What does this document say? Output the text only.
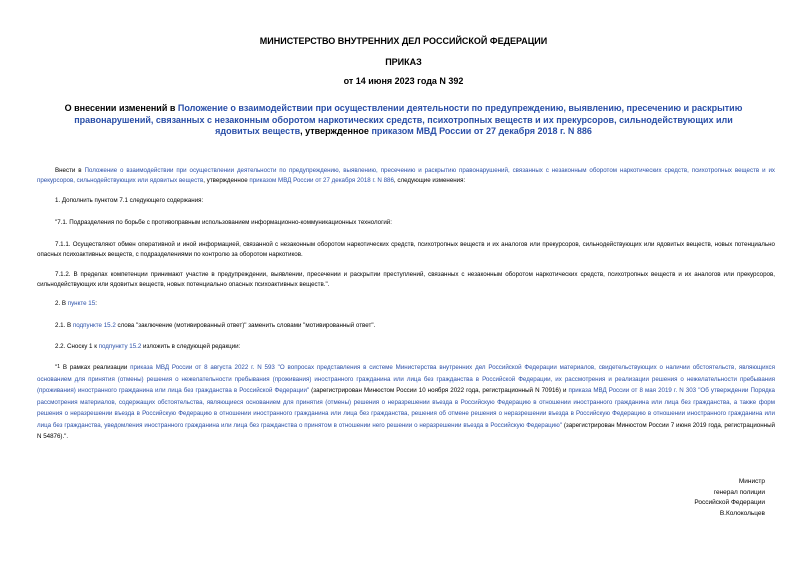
МИНИСТЕРСТВО ВНУТРЕННИХ ДЕЛ РОССИЙСКОЙ ФЕДЕРАЦИИ
ПРИКАЗ
от 14 июня 2023 года N 392
О внесении изменений в Положение о взаимодействии при осуществлении деятельности по предупреждению, выявлению, пресечению и раскрытию правонарушений, связанных с незаконным оборотом наркотических средств, психотропных веществ и их прекурсоров, сильнодействующих или ядовитых веществ, утвержденное приказом МВД России от 27 декабря 2018 г. N 886

Внести в Положение о взаимодействии при осуществлении деятельности по предупреждению, выявлению, пресечению и раскрытию правонарушений, связанных с незаконным оборотом наркотических средств, психотропных веществ и их прекурсоров, сильнодействующих или ядовитых веществ, утвержденное приказом МВД России от 27 декабря 2018 г. N 886, следующие изменения:

1. Дополнить пунктом 7.1 следующего содержания:

"7.1. Подразделения по борьбе с противоправным использованием информационно-коммуникационных технологий:

7.1.1. Осуществляют обмен оперативной и иной информацией, связанной с незаконным оборотом наркотических средств, психотропных веществ и их аналогов или прекурсоров, сильнодействующих или ядовитых веществ, новых потенциально опасных психоактивных веществ, с подразделениями по контролю за оборотом наркотиков.

7.1.2. В пределах компетенции принимают участие в предупреждении, выявлении, пресечении и раскрытии преступлений, связанных с незаконным оборотом наркотических средств, психотропных веществ и их аналогов или прекурсоров, сильнодействующих или ядовитых веществ, новых потенциально опасных психоактивных веществ.".

2. В пункте 15:

2.1. В подпункте 15.2 слова "заключение (мотивированный ответ)" заменить словами "мотивированный ответ".

2.2. Сноску 1 к подпункту 15.2 изложить в следующей редакции:

"$^1$ В рамках реализации приказа МВД России от 8 августа 2022 г. N 593 "О вопросах представления в системе Министерства внутренних дел Российской Федерации материалов, свидетельствующих о наличии обстоятельств, являющихся основанием для принятия (отмены) решения о нежелательности пребывания (проживания) иностранного гражданина или лица без гражданства в Российской Федерации, их рассмотрения и реализации решения о нежелательности пребывания (проживания) иностранного гражданина или лица без гражданства в Российской Федерации" (зарегистрирован Минюстом России 10 ноября 2022 года, регистрационный N 70916) и приказа МВД России от 8 мая 2019 г. N 303 "Об утверждении Порядка рассмотрения материалов, содержащих обстоятельства, являющиеся основанием для принятия (отмены) решения о неразрешении въезда в Российскую Федерацию в отношении иностранного гражданина или лица без гражданства, а также форм решения о неразрешении въезда в Российскую Федерацию в отношении иностранного гражданина или лица без гражданства, решения об отмене решения о неразрешении въезда в Российскую Федерацию в отношении иностранного гражданина или лица без гражданства, уведомления иностранного гражданина или лица без гражданства о принятом в отношении него решении о неразрешении въезда в Российскую Федерацию" (зарегистрирован Минюстом России 7 июня 2019 года, регистрационный N 54876).".

Министр
генерал полиции
Российской Федерации
В.Колокольцев
